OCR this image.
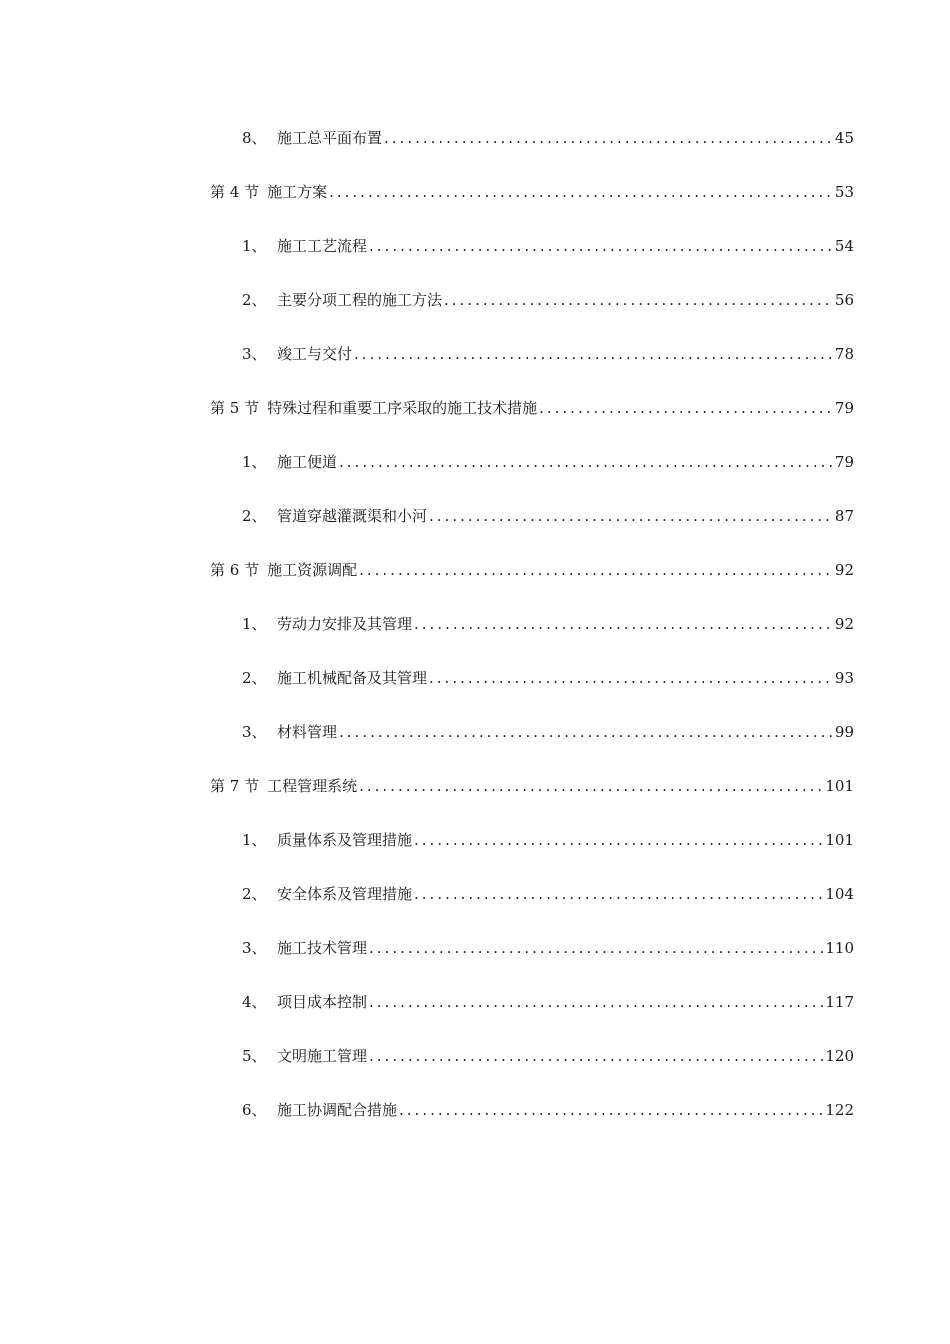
8、 施工总平面布置 .....	45
第 4 节 施工方案 .....	53
1、 施工工艺流程 .....	54
2、 主要分项工程的施工方法 .....	56
3、 竣工与交付 .....	78
第 5 节 特殊过程和重要工序采取的施工技术措施 .....	79
1、 施工便道 .....	79
2、 管道穿越灌溉渠和小河 .....	87
第 6 节 施工资源调配 .....	92
1、 劳动力安排及其管理 .....	92
2、 施工机械配备及其管理 .....	93
3、 材料管理 .....	99
第 7 节 工程管理系统 .....	101
1、 质量体系及管理措施 .....	101
2、 安全体系及管理措施 .....	104
3、 施工技术管理 .....	110
4、 项目成本控制 .....	117
5、 文明施工管理 .....	120
6、 施工协调配合措施 .....	122
